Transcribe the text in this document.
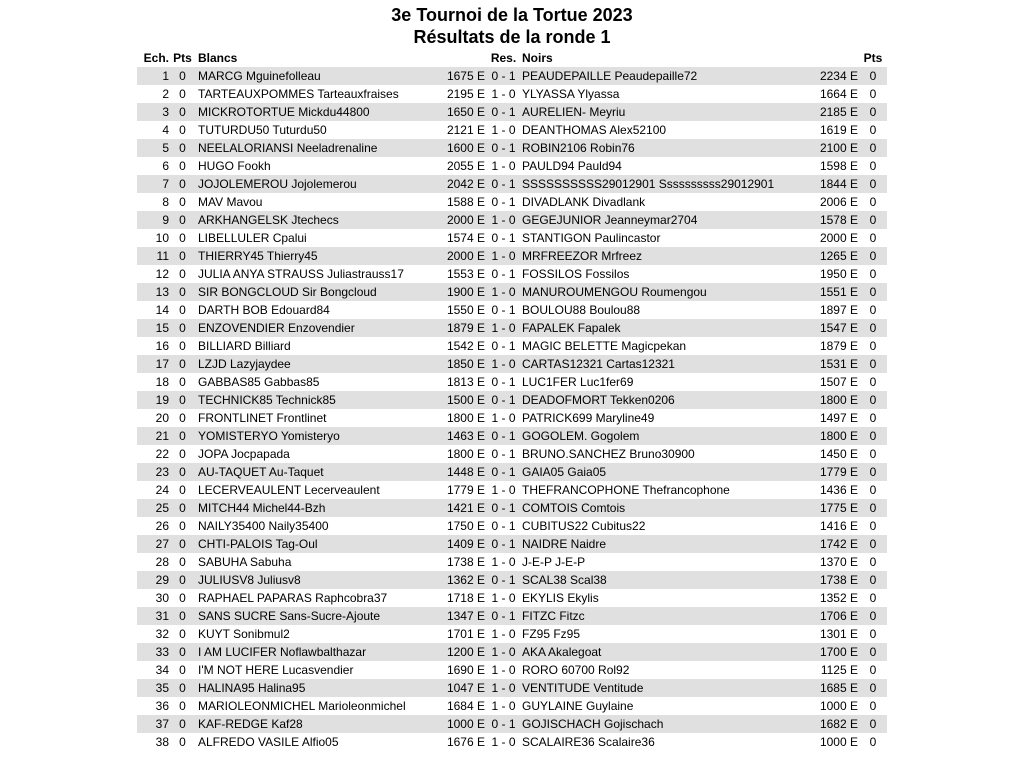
3e Tournoi de la Tortue 2023
Résultats de la ronde 1
Ech.	Pts	Blancs		Res.	Noirs		Pts
1	0	MARCG Mguinefolleau	1675 E	0 - 1	PEAUDEPAILLE Peaudepaille72	2234 E	0
2	0	TARTEAUXPOMMES Tarteauxfraises	2195 E	1 - 0	YLYASSA Ylyassa	1664 E	0
3	0	MICKROTORTUE Mickdu44800	1650 E	0 - 1	AURELIEN- Meyriu	2185 E	0
4	0	TUTURDU50 Tuturdu50	2121 E	1 - 0	DEANTHOMAS Alex52100	1619 E	0
5	0	NEELALORIANSI Neeladrenaline	1600 E	0 - 1	ROBIN2106 Robin76	2100 E	0
6	0	HUGO Fookh	2055 E	1 - 0	PAULD94 Pauld94	1598 E	0
7	0	JOJOLEMEROU Jojolemerou	2042 E	0 - 1	SSSSSSSSSS29012901 Ssssssssss29012901	1844 E	0
8	0	MAV Mavou	1588 E	0 - 1	DIVADLANK Divadlank	2006 E	0
9	0	ARKHANGELSK Jtechecs	2000 E	1 - 0	GEGEJUNIOR Jeanneymar2704	1578 E	0
10	0	LIBELLULER Cpalui	1574 E	0 - 1	STANTIGON Paulincastor	2000 E	0
11	0	THIERRY45 Thierry45	2000 E	1 - 0	MRFREEZOR Mrfreez	1265 E	0
12	0	JULIA ANYA STRAUSS Juliastrauss17	1553 E	0 - 1	FOSSILOS Fossilos	1950 E	0
13	0	SIR BONGCLOUD Sir Bongcloud	1900 E	1 - 0	MANUROUMENGOU Roumengou	1551 E	0
14	0	DARTH BOB Edouard84	1550 E	0 - 1	BOULOU88 Boulou88	1897 E	0
15	0	ENZOVENDIER Enzovendier	1879 E	1 - 0	FAPALEK Fapalek	1547 E	0
16	0	BILLIARD Billiard	1542 E	0 - 1	MAGIC BELETTE Magicpekan	1879 E	0
17	0	LZJD Lazyjaydee	1850 E	1 - 0	CARTAS12321 Cartas12321	1531 E	0
18	0	GABBAS85 Gabbas85	1813 E	0 - 1	LUC1FER Luc1fer69	1507 E	0
19	0	TECHNICK85 Technick85	1500 E	0 - 1	DEADOFMORT Tekken0206	1800 E	0
20	0	FRONTLINET Frontlinet	1800 E	1 - 0	PATRICK699 Maryline49	1497 E	0
21	0	YOMISTERYO Yomisteryo	1463 E	0 - 1	GOGOLEM. Gogolem	1800 E	0
22	0	JOPA Jocpapada	1800 E	0 - 1	BRUNO.SANCHEZ Bruno30900	1450 E	0
23	0	AU-TAQUET Au-Taquet	1448 E	0 - 1	GAIA05 Gaia05	1779 E	0
24	0	LECERVEAULENT Lecerveaulent	1779 E	1 - 0	THEFRANCOPHONE Thefrancophone	1436 E	0
25	0	MITCH44 Michel44-Bzh	1421 E	0 - 1	COMTOIS Comtois	1775 E	0
26	0	NAILY35400 Naily35400	1750 E	0 - 1	CUBITUS22 Cubitus22	1416 E	0
27	0	CHTI-PALOIS Tag-Oul	1409 E	0 - 1	NAIDRE Naidre	1742 E	0
28	0	SABUHA Sabuha	1738 E	1 - 0	J-E-P J-E-P	1370 E	0
29	0	JULIUSV8 Juliusv8	1362 E	0 - 1	SCAL38 Scal38	1738 E	0
30	0	RAPHAEL PAPARAS Raphcobra37	1718 E	1 - 0	EKYLIS Ekylis	1352 E	0
31	0	SANS SUCRE Sans-Sucre-Ajoute	1347 E	0 - 1	FITZC Fitzc	1706 E	0
32	0	KUYT Sonibmul2	1701 E	1 - 0	FZ95 Fz95	1301 E	0
33	0	I AM LUCIFER Noflawbalthazar	1200 E	1 - 0	AKA Akalegoat	1700 E	0
34	0	I'M NOT HERE Lucasvendier	1690 E	1 - 0	RORO 60700 Rol92	1125 E	0
35	0	HALINA95 Halina95	1047 E	1 - 0	VENTITUDE Ventitude	1685 E	0
36	0	MARIOLEONMICHEL Marioleonmichel	1684 E	1 - 0	GUYLAINE Guylaine	1000 E	0
37	0	KAF-REDGE Kaf28	1000 E	0 - 1	GOJISCHACH Gojischach	1682 E	0
38	0	ALFREDO VASILE Alfio05	1676 E	1 - 0	SCALAIRE36 Scalaire36	1000 E	0
